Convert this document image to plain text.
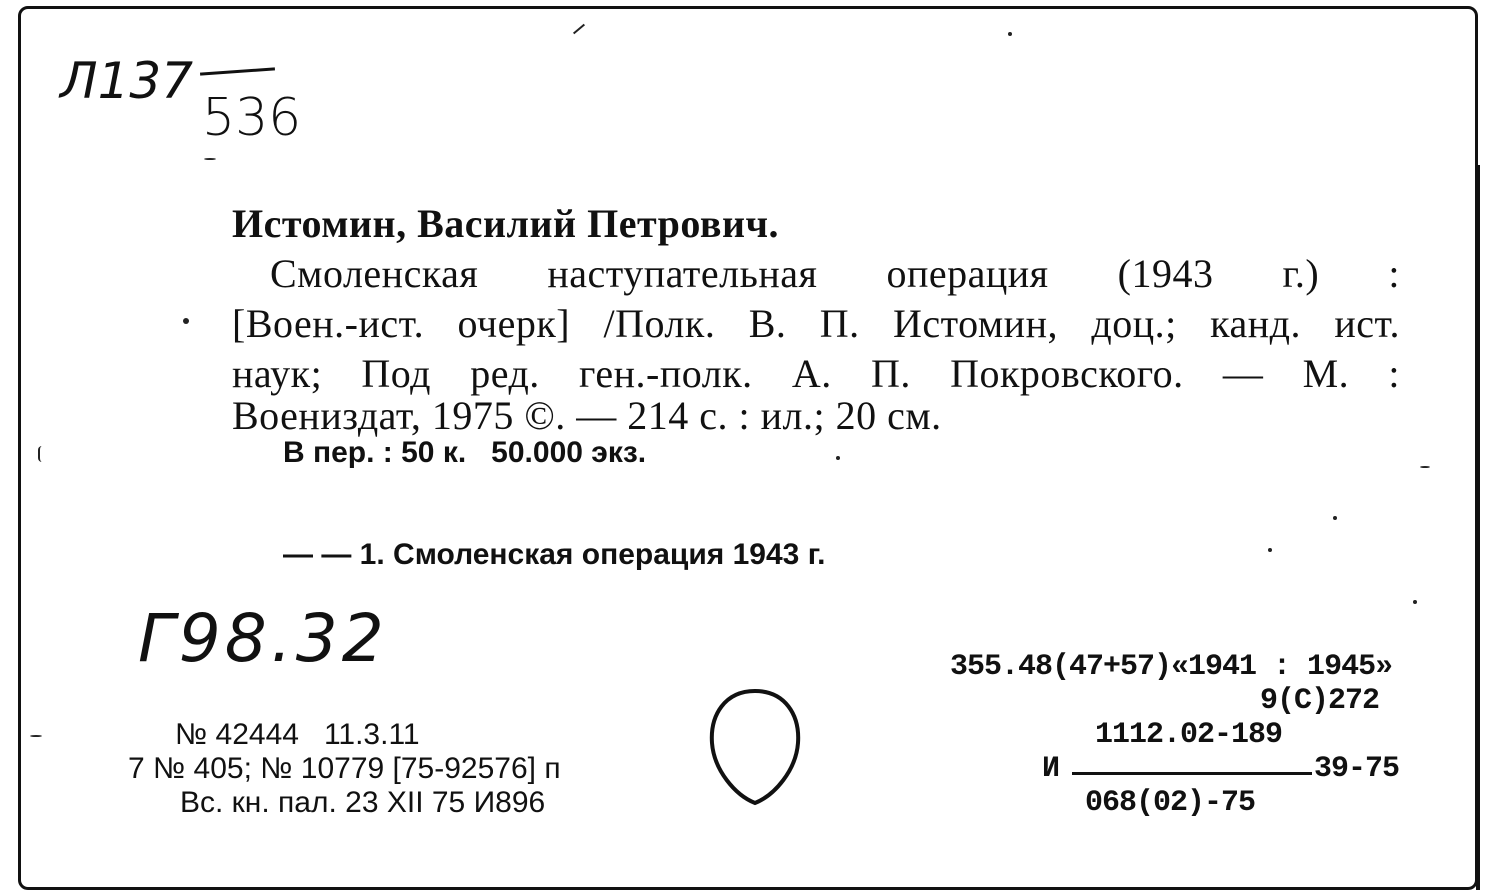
Л137
536
Истомин, Василий Петрович.
Смоленская наступательная операция (1943 г.) :
[Воен.-ист. очерк] /Полк. В. П. Истомин, доц.; канд. ист.
наук; Под ред. ген.-полк. А. П. Покровского. — М. :
Воениздат, 1975 ©. — 214 с. : ил.; 20 см.
В пер. : 50 к.   50.000 экз.
— — 1. Смоленская операция 1943 г.
Г98.32	355.48(47+57)«1941 : 1945»
9(С)272
1112.02-189
И	39-75
068(02)-75
№ 42444   11.3.11
7 № 405; № 10779 [75-92576] п
Вс. кн. пал. 23 XII 75 И896
